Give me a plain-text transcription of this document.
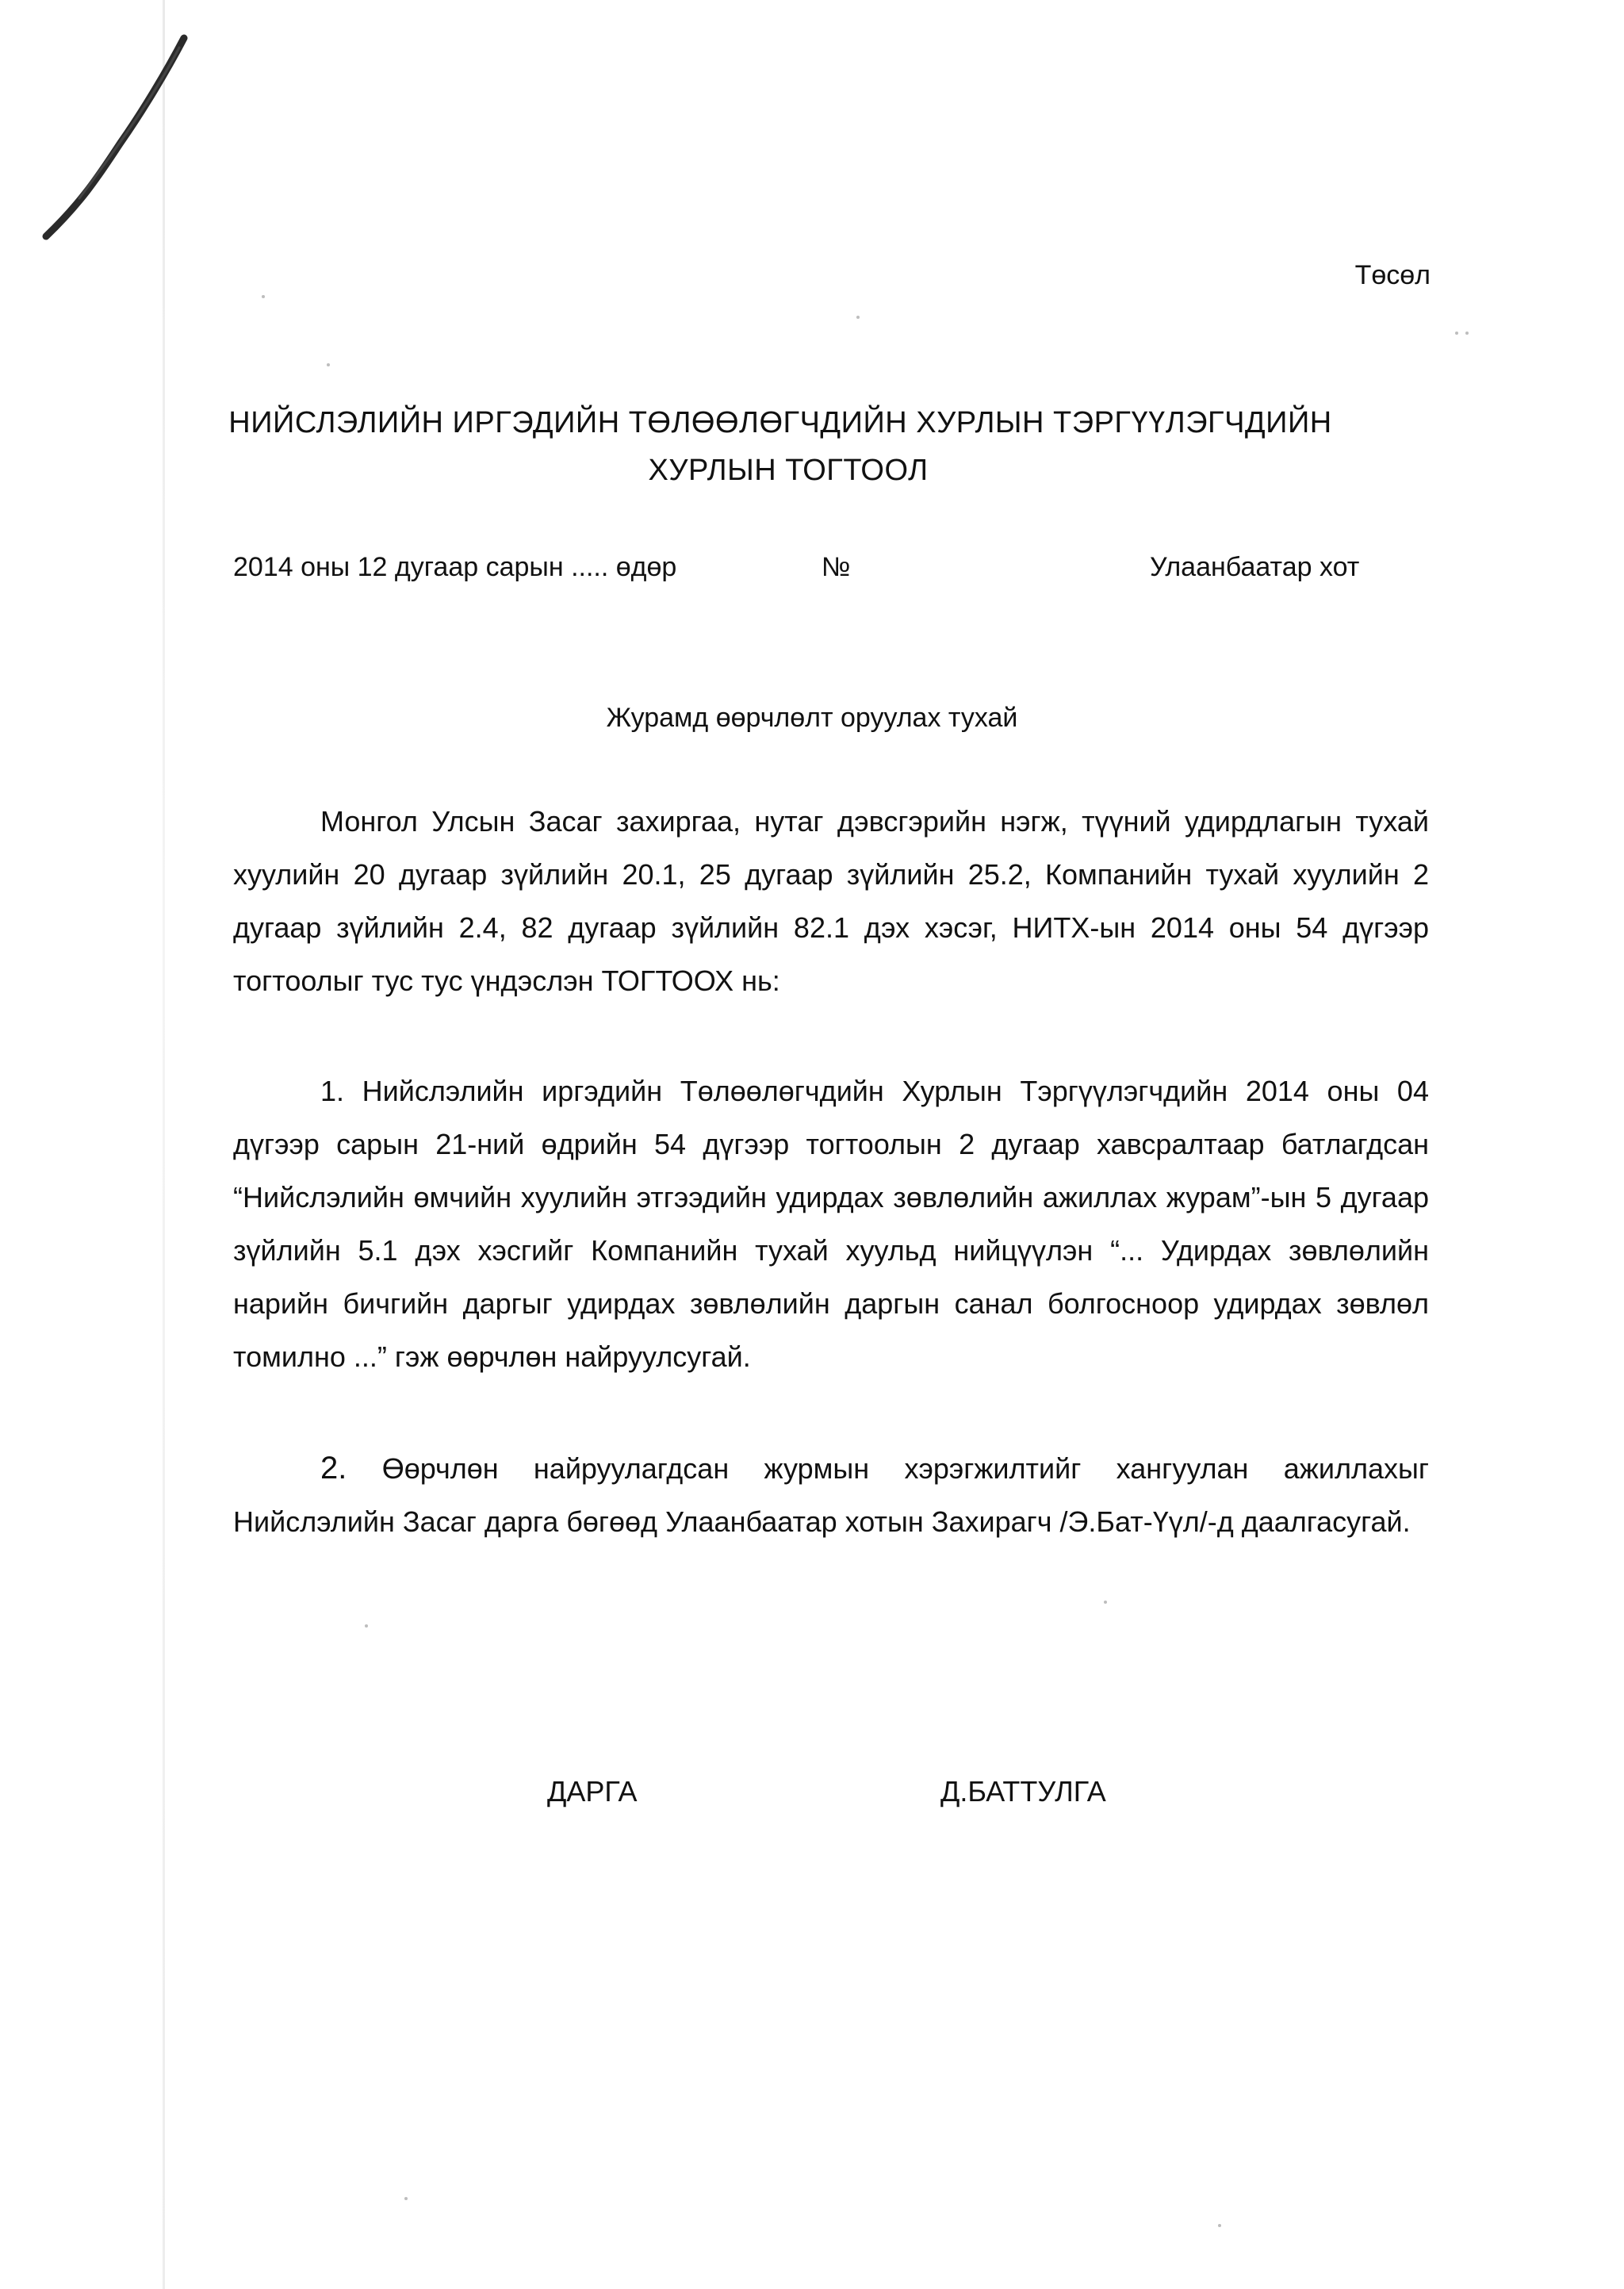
Төсөл
НИЙСЛЭЛИЙН ИРГЭДИЙН ТӨЛӨӨЛӨГЧДИЙН ХУРЛЫН ТЭРГҮҮЛЭГЧДИЙН
ХУРЛЫН ТОГТООЛ
2014 оны 12 дугаар сарын ..... өдөр	№	Улаанбаатар хот
Журамд өөрчлөлт оруулах тухай

Монгол Улсын Засаг захиргаа, нутаг дэвсгэрийн нэгж, түүний удирдлагын тухай хуулийн 20 дугаар зүйлийн 20.1, 25 дугаар зүйлийн 25.2, Компанийн тухай хуулийн 2 дугаар зүйлийн 2.4, 82 дугаар зүйлийн 82.1 дэх хэсэг, НИТХ-ын 2014 оны 54 дүгээр тогтоолыг тус тус үндэслэн ТОГТООХ нь:

1. Нийслэлийн иргэдийн Төлөөлөгчдийн Хурлын Тэргүүлэгчдийн 2014 оны 04 дүгээр сарын 21-ний өдрийн 54 дүгээр тогтоолын 2 дугаар хавсралтаар батлагдсан “Нийслэлийн өмчийн хуулийн этгээдийн удирдах зөвлөлийн ажиллах журам”-ын 5 дугаар зүйлийн 5.1 дэх хэсгийг Компанийн тухай хуульд нийцүүлэн “... Удирдах зөвлөлийн нарийн бичгийн даргыг удирдах зөвлөлийн даргын санал болгосноор удирдах зөвлөл томилно ...” гэж өөрчлөн найруулсугай.

2. Өөрчлөн найруулагдсан журмын хэрэгжилтийг хангуулан ажиллахыг Нийслэлийн Засаг дарга бөгөөд Улаанбаатар хотын Захирагч /Э.Бат-Үүл/-д даалгасугай.

ДАРГА	Д.БАТТУЛГА
